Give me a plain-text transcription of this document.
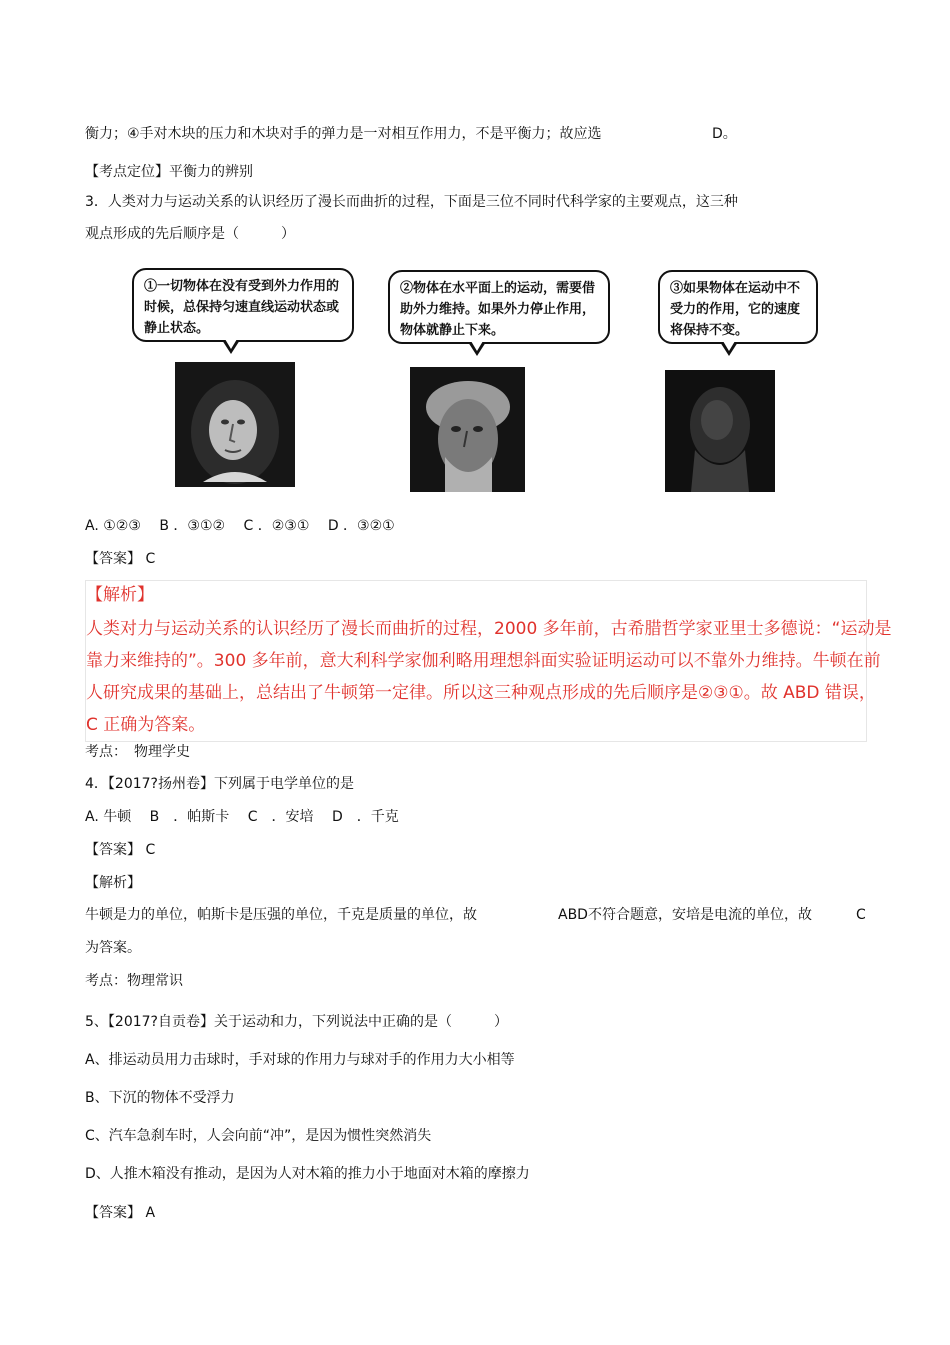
衡力；④手对木块的压力和木块对手的弹力是一对相互作用力，不是平衡力；故应选	D。
【考点定位】平衡力的辨别
3．人类对力与运动关系的认识经历了漫长而曲折的过程，下面是三位不同时代科学家的主要观点，这三种
观点形成的先后顺序是（　　　）
①一切物体在没有受到外力作用的时候，总保持匀速直线运动状态或静止状态。
②物体在水平面上的运动，需要借助外力维持。如果外力停止作用，物体就静止下来。
③如果物体在运动中不受力的作用，它的速度将保持不变。
A. ①②③　 B ．③①②　 C ．②③①　 D ．③②①
【答案】 C
【解析】
人类对力与运动关系的认识经历了漫长而曲折的过程，2000 多年前，古希腊哲学家亚里士多德说：“运动是
靠力来维持的”。300 多年前，意大利科学家伽利略用理想斜面实验证明运动可以不靠外力维持。牛顿在前
人研究成果的基础上，总结出了牛顿第一定律。所以这三种观点形成的先后顺序是②③①。故 ABD 错误，
C 正确为答案。
考点：　物理学史
4．【2017?扬州卷】下列属于电学单位的是
A. 牛顿　 B　．帕斯卡　 C　．安培　 D　．千克
【答案】 C
【解析】
牛顿是力的单位，帕斯卡是压强的单位，千克是质量的单位，故	ABD不符合题意，安培是电流的单位，故	C
为答案。
考点：物理常识
5、【2017?自贡卷】关于运动和力，下列说法中正确的是（　　　）
A、排运动员用力击球时，手对球的作用力与球对手的作用力大小相等
B、下沉的物体不受浮力
C、汽车急刹车时，人会向前“冲”，是因为惯性突然消失
D、人推木箱没有推动，是因为人对木箱的推力小于地面对木箱的摩擦力
【答案】 A
